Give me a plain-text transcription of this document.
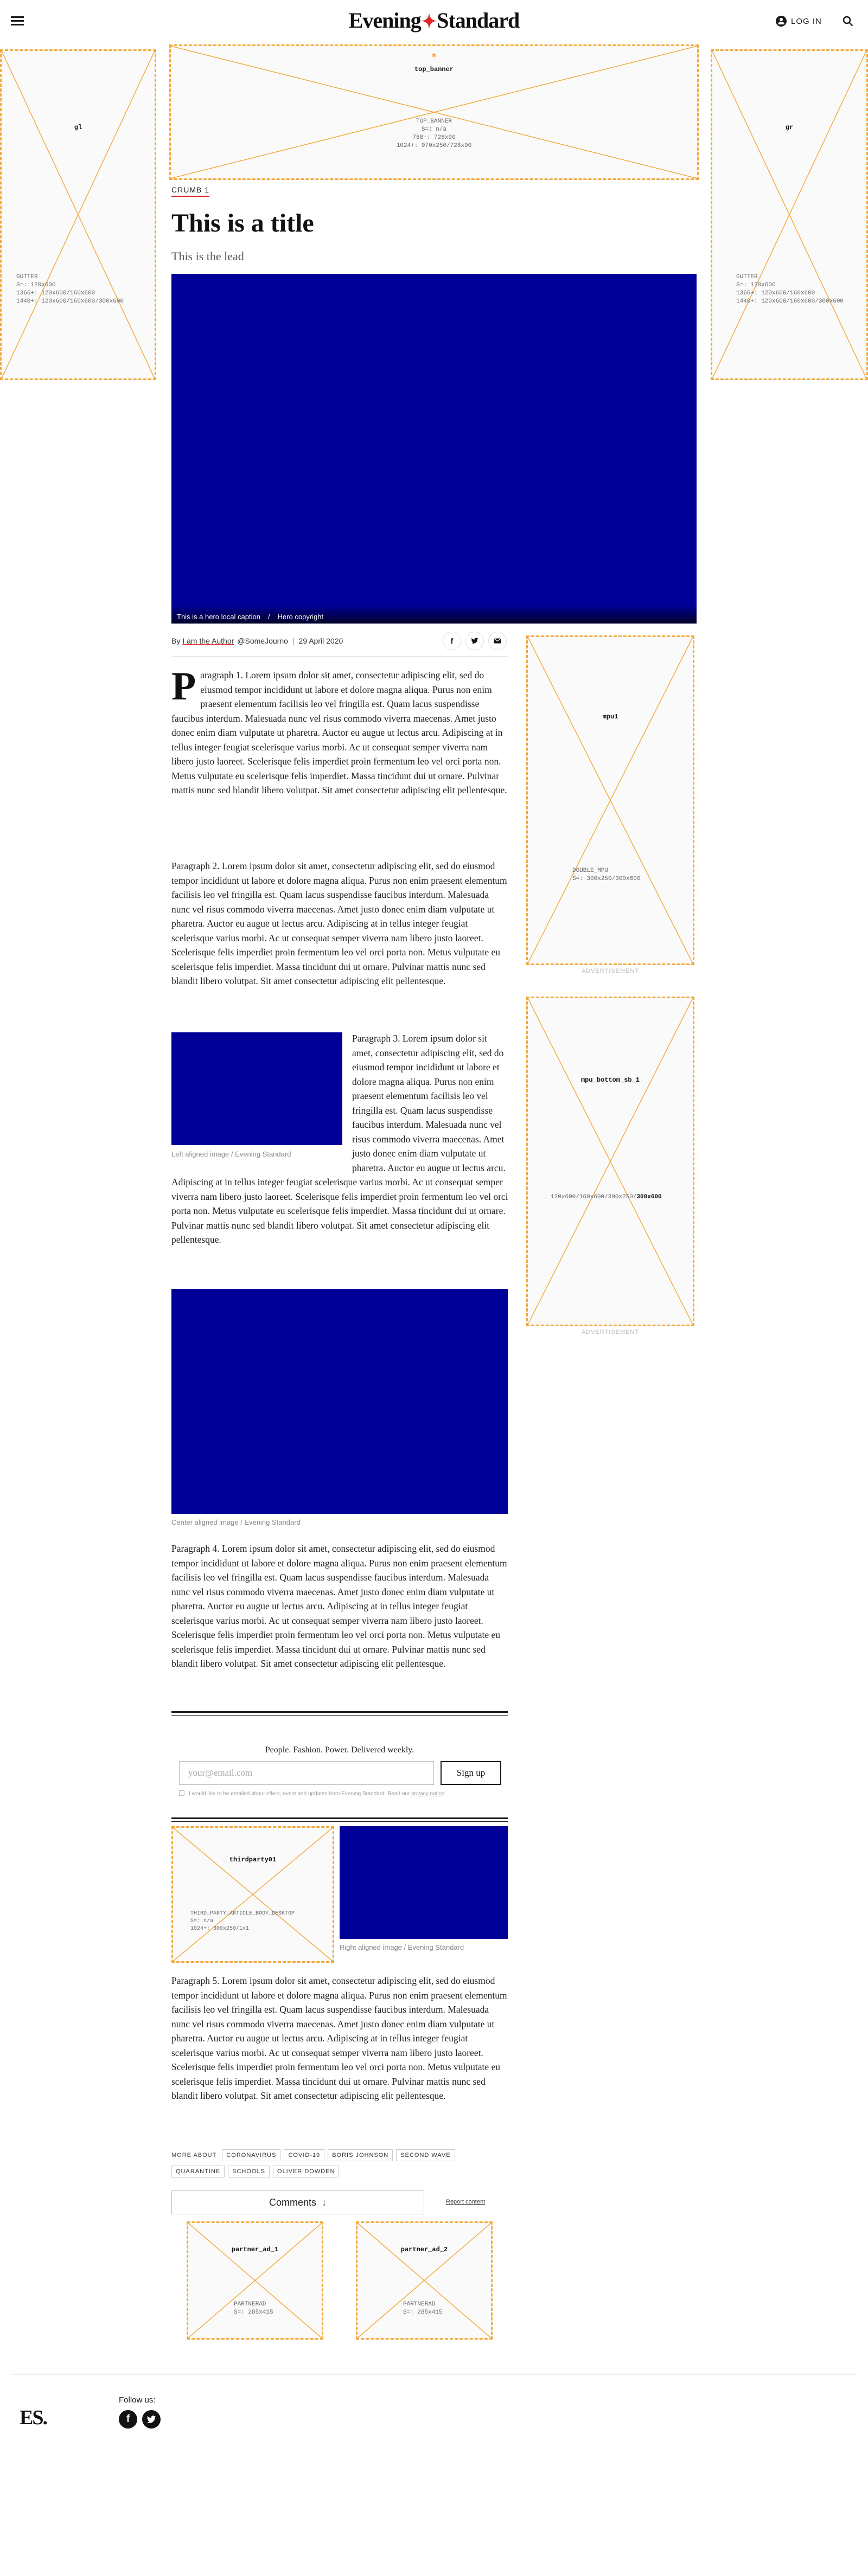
Evening✦Standard	LOG IN
gl
GUTTER
S=: 120x600
1366+: 120x600/160x600
1440+: 120x600/160x600/300x600
gr
GUTTER
S=: 120x600
1366+: 120x600/160x600
1440+: 120x600/160x600/300x600
✱
top_banner
TOP_BANNER
S=: n/a
768+: 728x90
1024+: 970x250/728x90
CRUMB 1
This is a title
This is the lead
This is a hero local caption / Hero copyright
By I am the Author @SomeJourno | 29 April 2020	f
mpu1
DOUBLE_MPU
S=: 300x250/300x600
ADVERTISEMENT
mpu_bottom_sb_1
120x600/160x600/300x250/300x600
ADVERTISEMENT
Paragraph 1. Lorem ipsum dolor sit amet, consectetur adipiscing elit, sed do eiusmod tempor incididunt ut labore et dolore magna aliqua. Purus non enim praesent elementum facilisis leo vel fringilla est. Quam lacus suspendisse faucibus interdum. Malesuada nunc vel risus commodo viverra maecenas. Amet justo donec enim diam vulputate ut pharetra. Auctor eu augue ut lectus arcu. Adipiscing at in tellus integer feugiat scelerisque varius morbi. Ac ut consequat semper viverra nam libero justo laoreet. Scelerisque felis imperdiet proin fermentum leo vel orci porta non. Metus vulputate eu scelerisque felis imperdiet. Massa tincidunt dui ut ornare. Pulvinar mattis nunc sed blandit libero volutpat. Sit amet consectetur adipiscing elit pellentesque.
Paragraph 2. Lorem ipsum dolor sit amet, consectetur adipiscing elit, sed do eiusmod tempor incididunt ut labore et dolore magna aliqua. Purus non enim praesent elementum facilisis leo vel fringilla est. Quam lacus suspendisse faucibus interdum. Malesuada nunc vel risus commodo viverra maecenas. Amet justo donec enim diam vulputate ut pharetra. Auctor eu augue ut lectus arcu. Adipiscing at in tellus integer feugiat scelerisque varius morbi. Ac ut consequat semper viverra nam libero justo laoreet. Scelerisque felis imperdiet proin fermentum leo vel orci porta non. Metus vulputate eu scelerisque felis imperdiet. Massa tincidunt dui ut ornare. Pulvinar mattis nunc sed blandit libero volutpat. Sit amet consectetur adipiscing elit pellentesque.
Left aligned image / Evening Standard
Paragraph 3. Lorem ipsum dolor sit amet, consectetur adipiscing elit, sed do eiusmod tempor incididunt ut labore et dolore magna aliqua. Purus non enim praesent elementum facilisis leo vel fringilla est. Quam lacus suspendisse faucibus interdum. Malesuada nunc vel risus commodo viverra maecenas. Amet justo donec enim diam vulputate ut pharetra. Auctor eu augue ut lectus arcu. Adipiscing at in tellus integer feugiat scelerisque varius morbi. Ac ut consequat semper viverra nam libero justo laoreet. Scelerisque felis imperdiet proin fermentum leo vel orci porta non. Metus vulputate eu scelerisque felis imperdiet. Massa tincidunt dui ut ornare. Pulvinar mattis nunc sed blandit libero volutpat. Sit amet consectetur adipiscing elit pellentesque.
Center aligned image / Evening Standard
Paragraph 4. Lorem ipsum dolor sit amet, consectetur adipiscing elit, sed do eiusmod tempor incididunt ut labore et dolore magna aliqua. Purus non enim praesent elementum facilisis leo vel fringilla est. Quam lacus suspendisse faucibus interdum. Malesuada nunc vel risus commodo viverra maecenas. Amet justo donec enim diam vulputate ut pharetra. Auctor eu augue ut lectus arcu. Adipiscing at in tellus integer feugiat scelerisque varius morbi. Ac ut consequat semper viverra nam libero justo laoreet. Scelerisque felis imperdiet proin fermentum leo vel orci porta non. Metus vulputate eu scelerisque felis imperdiet. Massa tincidunt dui ut ornare. Pulvinar mattis nunc sed blandit libero volutpat. Sit amet consectetur adipiscing elit pellentesque.
People. Fashion. Power. Delivered weekly.
your@email.com
Sign up
I would like to be emailed about offers, event and updates from Evening Standard. Read our privacy notice.
thirdparty01
THIRD_PARTY_ARTICLE_BODY_DESKTOP
S=: n/a
1024+: 300x250/1x1
Right aligned image / Evening Standard
Paragraph 5. Lorem ipsum dolor sit amet, consectetur adipiscing elit, sed do eiusmod tempor incididunt ut labore et dolore magna aliqua. Purus non enim praesent elementum facilisis leo vel fringilla est. Quam lacus suspendisse faucibus interdum. Malesuada nunc vel risus commodo viverra maecenas. Amet justo donec enim diam vulputate ut pharetra. Auctor eu augue ut lectus arcu. Adipiscing at in tellus integer feugiat scelerisque varius morbi. Ac ut consequat semper viverra nam libero justo laoreet. Scelerisque felis imperdiet proin fermentum leo vel orci porta non. Metus vulputate eu scelerisque felis imperdiet. Massa tincidunt dui ut ornare. Pulvinar mattis nunc sed blandit libero volutpat. Sit amet consectetur adipiscing elit pellentesque.
MORE ABOUT	CORONAVIRUS	COVID-19	BORIS JOHNSON	SECOND WAVE
QUARANTINE	SCHOOLS	OLIVER DOWDEN
Comments ↓	Report content
partner_ad_1
PARTNERAD
S=: 285x415
partner_ad_2
PARTNERAD
S=: 285x415
ES.
Follow us:
f
